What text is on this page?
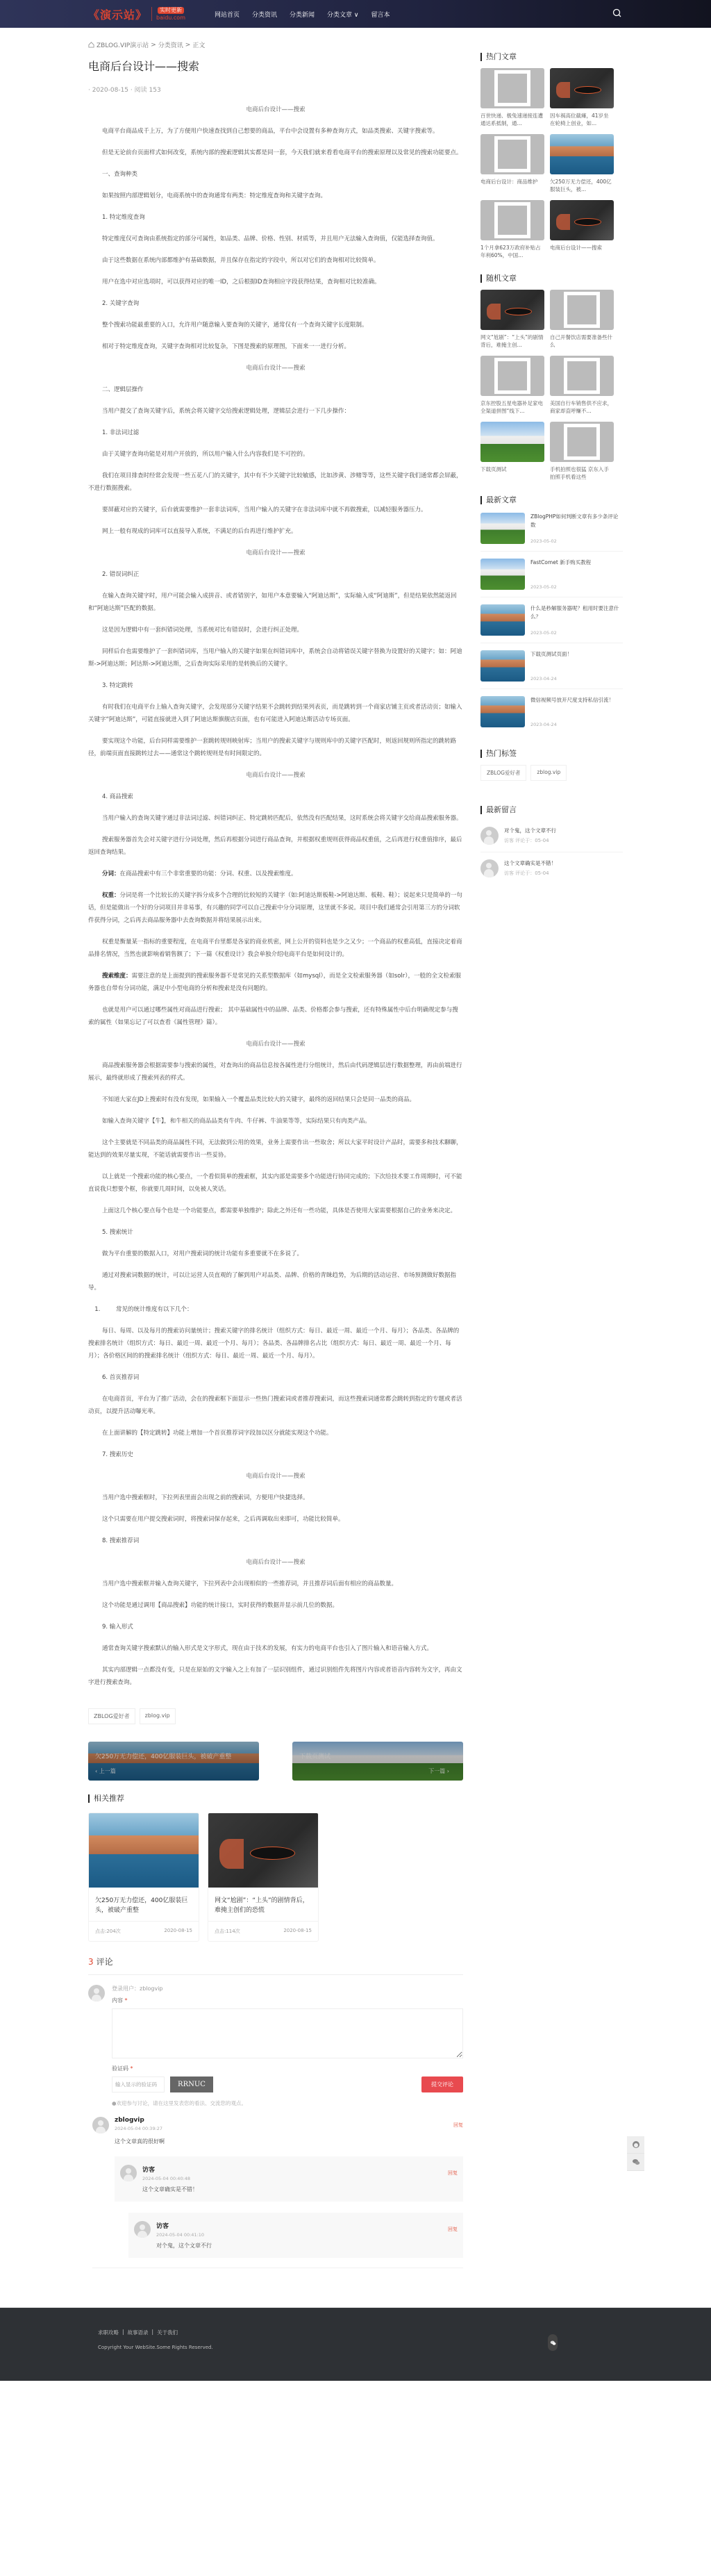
《演示站》	实时更新
baidu.com	网站首页 分类资讯 分类新闻 分类文章 ∨ 留言本
ZBLOG.VIP演示站 > 分类资讯 > 正文
电商后台设计——搜索
· 2020-08-15 · 阅读 153

电商后台设计——搜索

电商平台商品成千上万，为了方便用户快速查找到自己想要的商品，平台中会设置有多种查询方式，如品类搜索、关键字搜索等。

但是无论前台页面样式如何改变，系统内部的搜索逻辑其实都是同一套，今天我们就来看看电商平台的搜索原理以及常见的搜索功能要点。

一、查询种类

如果按照内部逻辑划分，电商系统中的查询通常有两类：特定维度查询和关键字查询。

1. 特定维度查询

特定维度仅可查询由系统指定的部分可属性，如品类、品牌、价格、性别、材质等，并且用户无法输入查询值，仅能选择查询值。

由于这些数据在系统内部都维护有基础数据，并且保存在指定的字段中，所以对它们的查询相对比较简单。

用户在选中对应选项时，可以获得对应的唯一ID，之后根据ID查询相应字段获得结果，查询相对比较准确。

2. 关键字查询

整个搜索功能最重要的入口，允许用户随意输入要查询的关键字，通常仅有一个查询关键字长度限制。

相对于特定维度查询，关键字查询相对比较复杂，下图是搜索的原理图，下面来一一进行分析。

电商后台设计——搜索

二、逻辑层操作

当用户提交了查询关键字后，系统会将关键字交给搜索逻辑处理，逻辑层会进行一下几步操作：

1. 非法词过滤

由于关键字查询功能是对用户开放的，所以用户输入什么内容我们是不可控的。

我们在项目排查时经常会发现一些五花八门的关键字，其中有不少关键字比较敏感，比如涉黄、涉赌等等，这些关键字我们通常都会屏蔽，不进行数据搜索。

要屏蔽对应的关键字，后台就需要维护一套非法词库，当用户输入的关键字在非法词库中就不再做搜索，以减轻服务器压力。

网上一般有现成的词库可以直接导入系统，不满足的后台再进行维护扩充。

电商后台设计——搜索

2. 错误词纠正

在输入查询关键字时，用户可能会输入成拼音、或者错别字，如用户本意要输入“阿迪达斯”，实际输入成“阿迪斯”，但是结果依然能返回和“阿迪达斯”匹配的数据。

这是因为逻辑中有一套纠错词处理，当系统对比有错误时，会进行纠正处理。

同样后台也需要维护了一套纠错词库，当用户输入的关键字如果在纠错词库中，系统会自动将错误关键字替换为设置好的关键字；如：阿迪斯->阿迪达斯；阿达斯->阿迪达斯，之后查询实际采用的是转换后的关键字。

3. 特定跳转

有时我们在电商平台上输入查询关键字，会发现部分关键字结果不会跳转到结果列表页，而是跳转到一个商家店铺主页或者活动页；如输入关键字“阿迪达斯”，可能直接就进入到了阿迪达斯旗舰店页面，也有可能进入阿迪达斯活动专场页面。

要实现这个功能，后台同样需要维护一套跳转规则映射库；当用户的搜索关键字与规则库中的关键字匹配时，则返回规则所指定的跳转路径，前端页面直接跳转过去——通常这个跳转规则是有时间限定的。

电商后台设计——搜索

4. 商品搜索

当用户输入的查询关键字通过非法词过滤、纠错词纠正、特定跳转匹配后，依然没有匹配结果，这时系统会将关键字交给商品搜索服务器。

搜索服务器首先会对关键字进行分词处理，然后再根据分词进行商品查询，并根据权重规则获得商品权重值，之后再进行权重值排序，最后返回查询结果。

分词：在商品搜索中有三个非常重要的功能：分词、权重、以及搜索维度。

权重：分词是将一个比较长的关键字拆分成多个合理的比较短的关键字（如:阿迪达斯板鞋->阿迪达斯、板鞋、鞋）；说起来只是简单的一句话，但是能做出一个好的分词项目并非易事，有兴趣的同学可以自己搜索中分分词原理，这里就不多说。项目中我们通常会引用第三方的分词软件获得分词，之后再去商品服务器中去查询数据并将结果展示出来。

权重是衡量某一指标的重要程度，在电商平台里都是各家的商业机密，网上公开的资料也是少之又少；一个商品的权重高低，直接决定着商品排名情况，当然也就影响着销售额了；下一篇《权重设计》我会单独介绍电商平台是如何设计的。

搜索维度：需要注意的是上面提到的搜索服务器不是常见的关系型数据库（如mysql），而是全文检索服务器（如solr），一般的全文检索服务器也自带有分词功能，满足中小型电商的分析和搜索是没有问题的。

也就是用户可以通过哪些属性对商品进行搜索； 其中基础属性中的品牌、品类、价格都会参与搜索，还有特殊属性中后台明确规定参与搜索的属性（如果忘记了可以查看《属性管理》篇）。

电商后台设计——搜索

商品搜索服务器会根据需要参与搜索的属性，对查询出的商品信息按各属性进行分组统计，然后由代码逻辑层进行数据整理，再由前端进行展示，最终就形成了搜索列表的样式。

不知道大家在JD上搜索时有没有发现，如果输入一个覆盖品类比较大的关键字，最终的返回结果只会是同一品类的商品。

如输入查询关键字【牛】，和牛相关的商品品类有牛肉、牛仔裤、牛油果等等，实际结果只有肉类产品。

这个主要就是不同品类的商品属性不同，无法做到公用的效果，业务上需要作出一些取舍；所以大家平时设计产品时，需要多和技术聊聊，能达到的效果尽量实现，不能话就需要作出一些妥协。

以上就是一个搜索功能的核心要点，一个看似简单的搜索框，其实内部是需要多个功能进行协同完成的；下次给技术要工作周期时，可不能直说我只想要个框，你就要几周时间，以免被人笑话。

上面这几个核心要点每个也是一个功能要点，都需要单独维护；除此之外还有一些功能，具体是否使用大家需要根据自己的业务来决定。

5. 搜索统计

做为平台重要的数据入口，对用户搜索词的统计功能有多重要就不在多说了。

通过对搜索词数据的统计，可以让运营人员直观的了解到用户对品类、品牌、价格的青睐趋势，为后期的活动运营、市场预测做好数据指导。

1. 常见的统计维度有以下几个：

每日、每周、以及每月的搜索访问量统计；搜索关键字的排名统计（组织方式：每日、最近一周、最近一个月、每月）；各品类、各品牌的搜索排名统计（组织方式：每日、最近一周、最近一个月、每月）；各品类、各品牌排名占比（组织方式：每日、最近一周、最近一个月、每月）；各价格区间的的搜索排名统计（组织方式：每日、最近一周、最近一个月、每月）。

6. 首页推荐词

在电商首页，平台为了推广活动，会在的搜索框下面显示一些热门搜索词或者推荐搜索词，而这些搜索词通常都会跳转到指定的专题或者活动页，以提升活动曝光率。

在上面讲解的【特定跳转】功能上增加一个首页推荐词字段加以区分就能实现这个功能。

7. 搜索历史

电商后台设计——搜索

当用户选中搜索框时，下拉列表里面会出现之前的搜索词，方便用户快捷选择。

这个只需要在用户提交搜索词时，将搜索词保存起来，之后再调取出来即可，功能比较简单。

8. 搜索推荐词

电商后台设计——搜索

当用户选中搜索框并输入查询关键字，下拉列表中会出现相似的一些推荐词，并且推荐词后面有相应的商品数量。

这个功能是通过调用【商品搜索】功能的统计接口，实时获得的数据并显示前几位的数据。

9. 输入形式

通常查询关键字搜索默认的输入形式是文字形式，现在由于技术的发展，有实力的电商平台也引入了图片输入和语音输入方式。

其实内部逻辑一点都没有变，只是在原始的文字输入之上有加了一层识别组件，通过识别组件先将图片内容或者语音内容转为文字，再由文字进行搜索查询。

ZBLOG爱好者	zblog.vip
欠250万无力偿还，400亿服装巨头，被破产重整
‹ 上一篇
下载页测试
下一篇 ›
相关推荐
欠250万无力偿还，400亿服装巨头，被破产重整
点击:204次	2020-08-15
网文“尬剧”：“上头”的剧情背后，难掩主创们的恐慌
点击:114次	2020-08-15
3 评论
登录用户：zblogvip
内容 *
验证码 *
输入显示的验证码	RRNUC	提交评论
●欢迎参与讨论，请在这里发表您的看法、交流您的观点。
zblogvip
2024-05-04 00:39:27
回复
这个文章真的很好啊
访客
2024-05-04 00:40:48
回复
这个文章确实是不错！
访客
2024-05-04 00:41:10
回复
对个鬼，这个文章不行
热门文章
百世快递、极兔速递接连遭通达系抵制，通...
因车祸高位截瘫，41岁坐在轮椅上创业，如...
电商后台设计：商品维护	欠250万无力偿还，400亿服装巨头，被...
1个月拿623万政府补贴占年利60%，中国...
电商后台设计——搜索
随机文章
网文“尬剧”：“上头”的剧情背后，难掩主创...
自己开餐饮店需要准备些什么
京东控股五星电器补足家电全渠道拼图“线下...
美国自行车销售供不应求，商家却直呼赚不...
下载页测试	手机拍照也很猛 京东入手拍照手机看这些
最新文章
ZBlogPHP如何判断文章有多少条评论数
2023-05-02
FastComet 新手购买教程
2023-05-02
什么是秒解服务器呢？租用时要注意什么？
2023-05-02
下载页测试页面！
2023-04-24
微信视频号放开尺度支持私信引流！
2023-04-24
热门标签
ZBLOG爱好者	zblog.vip
最新留言
对个鬼，这个文章不行
访客 评论于：05-04
这个文章确实是不错！
访客 评论于：05-04
求职攻略 | 故事语录 | 关于我们
Copyright Your WebSite.Some Rights Reserved.
